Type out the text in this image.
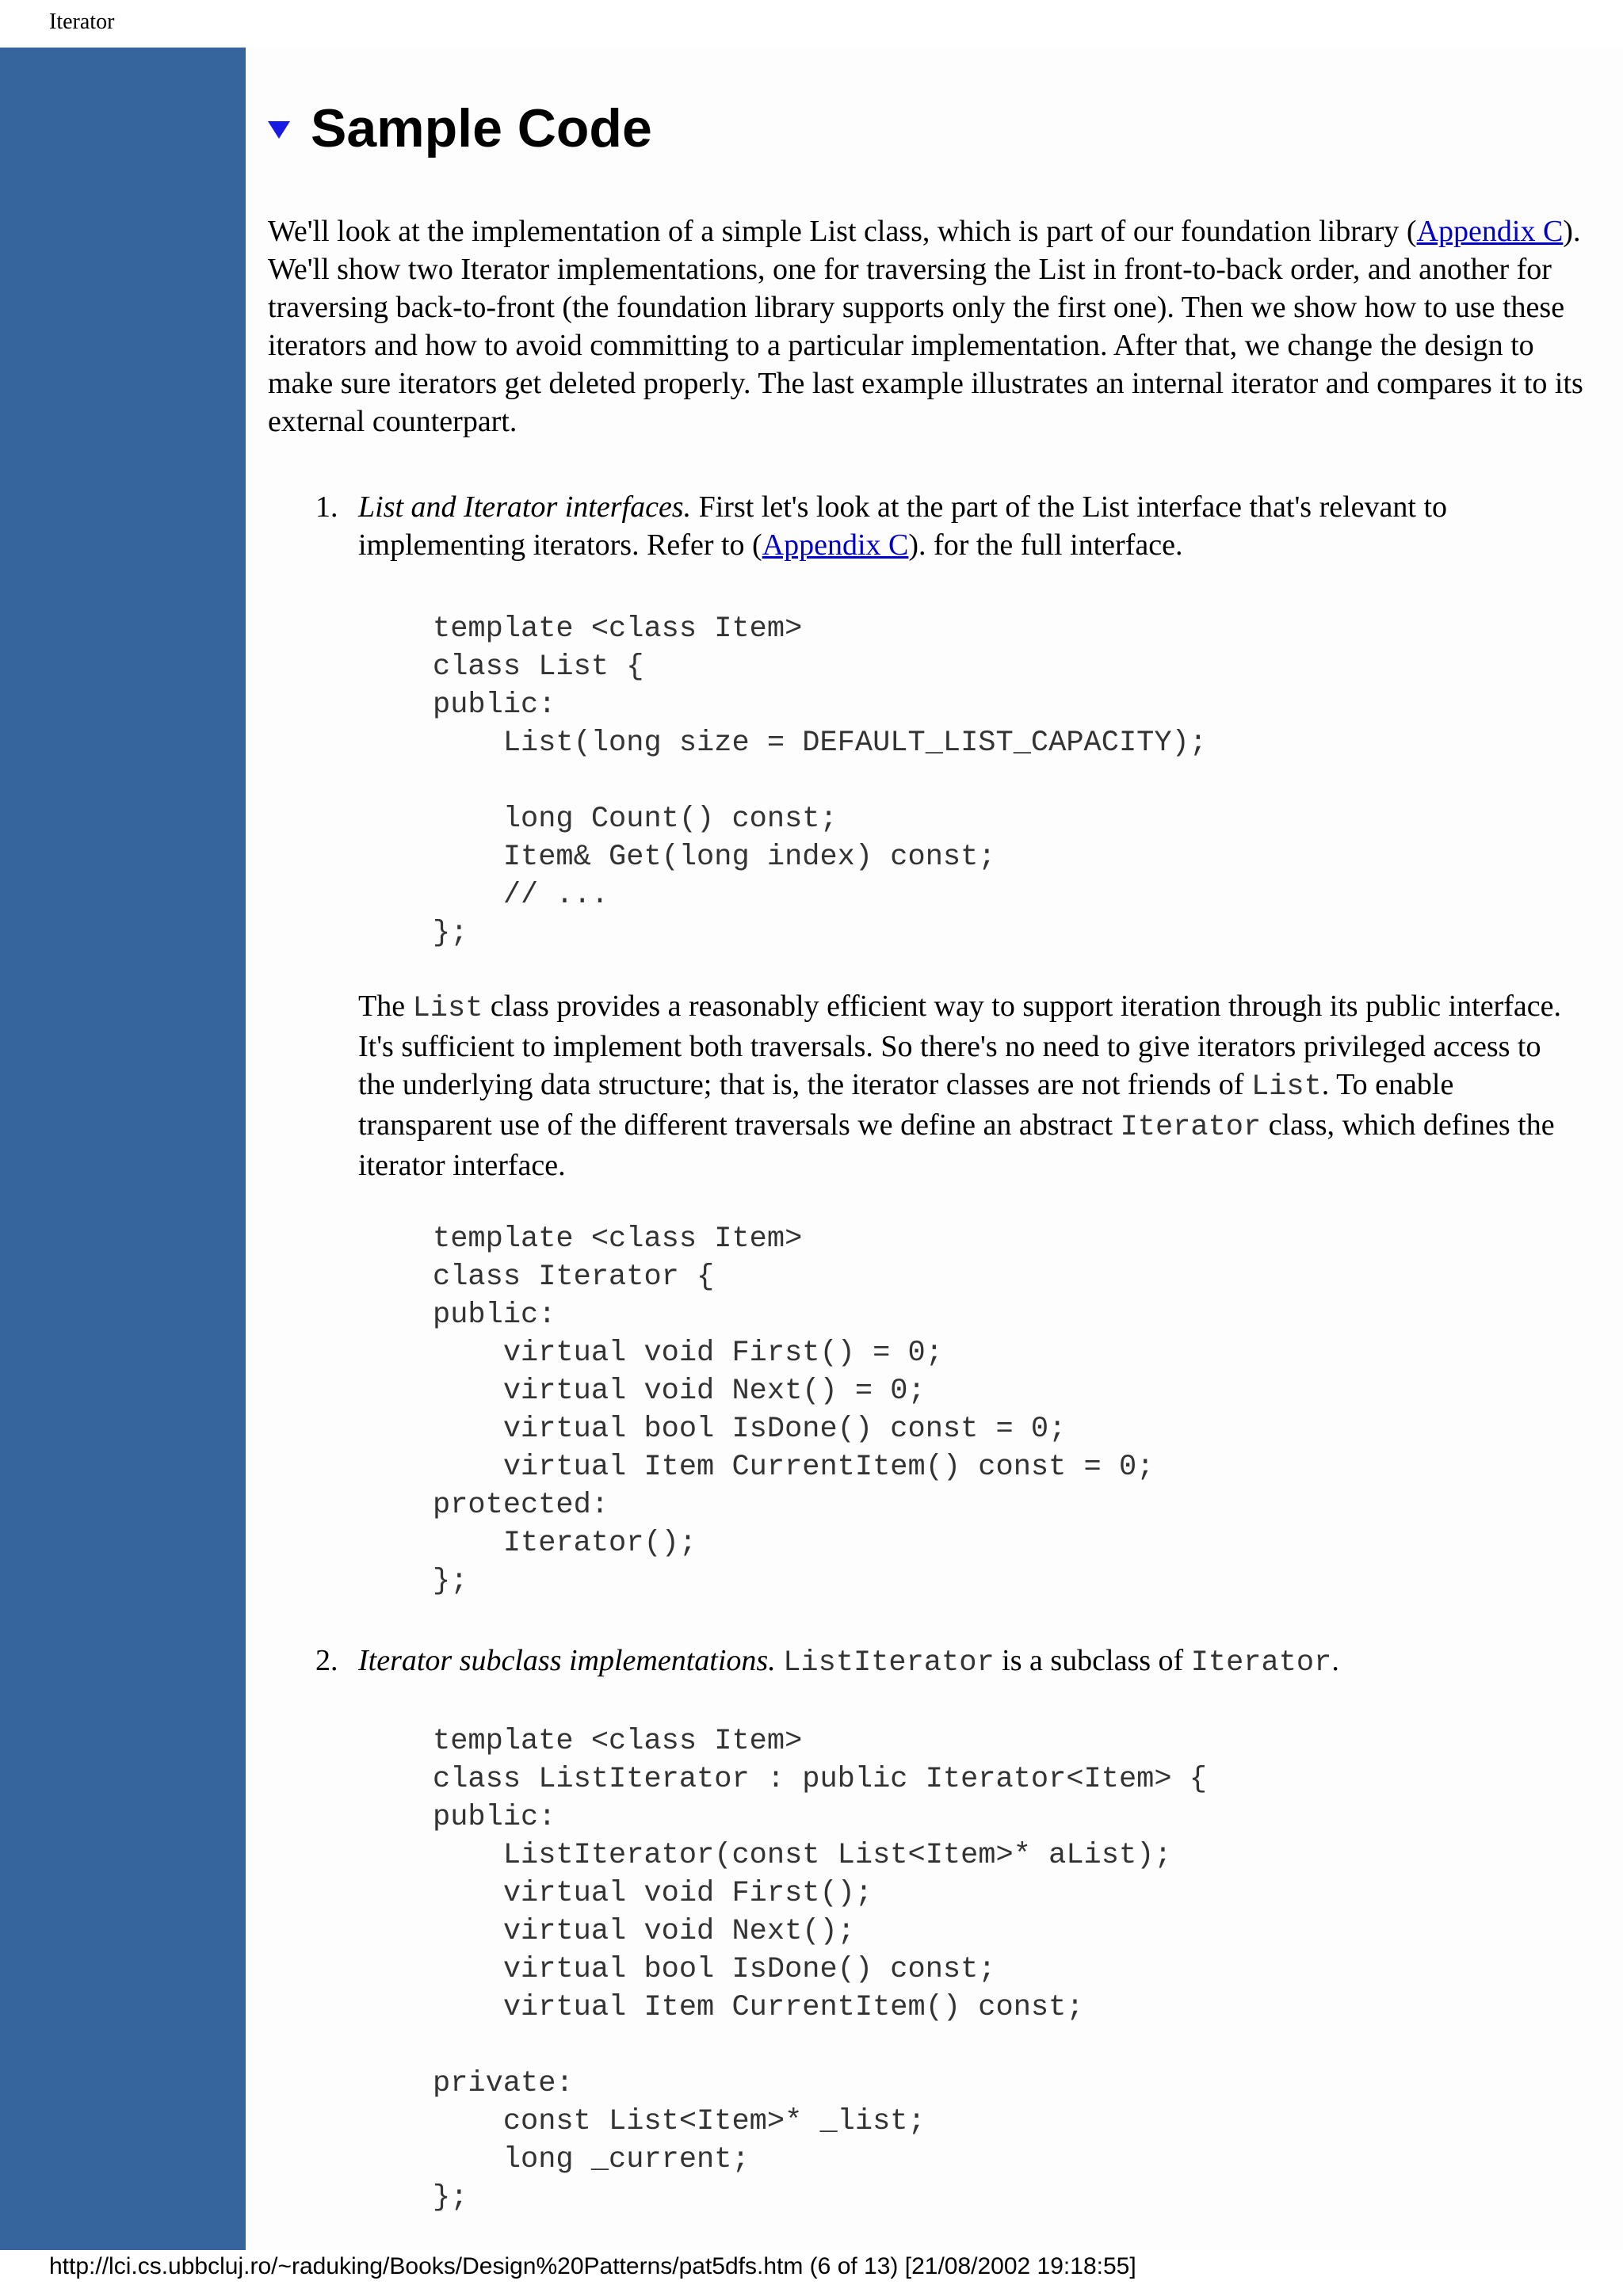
Iterator
Sample Code

We'll look at the implementation of a simple List class, which is part of our foundation library (Appendix C). We'll show two Iterator implementations, one for traversing the List in front-to-back order, and another for traversing back-to-front (the foundation library supports only the first one). Then we show how to use these iterators and how to avoid committing to a particular implementation. After that, we change the design to make sure iterators get deleted properly. The last example illustrates an internal iterator and compares it to its external counterpart.

1. List and Iterator interfaces. First let's look at the part of the List interface that's relevant to implementing iterators. Refer to (Appendix C). for the full interface.
template <class Item>
class List {
public:
List(long size = DEFAULT_LIST_CAPACITY);

long Count() const;
Item& Get(long index) const;
// ...
};

The List class provides a reasonably efficient way to support iteration through its public interface. It's sufficient to implement both traversals. So there's no need to give iterators privileged access to the underlying data structure; that is, the iterator classes are not friends of List. To enable transparent use of the different traversals we define an abstract Iterator class, which defines the iterator interface.

template <class Item>
class Iterator {
public:
virtual void First() = 0;
virtual void Next() = 0;
virtual bool IsDone() const = 0;
virtual Item CurrentItem() const = 0;
protected:
Iterator();
};
2. Iterator subclass implementations. ListIterator is a subclass of Iterator.
template <class Item>
class ListIterator : public Iterator<Item> {
public:
ListIterator(const List<Item>* aList);
virtual void First();
virtual void Next();
virtual bool IsDone() const;
virtual Item CurrentItem() const;

private:
const List<Item>* _list;
long _current;
};
http://lci.cs.ubbcluj.ro/~raduking/Books/Design%20Patterns/pat5dfs.htm (6 of 13) [21/08/2002 19:18:55]
